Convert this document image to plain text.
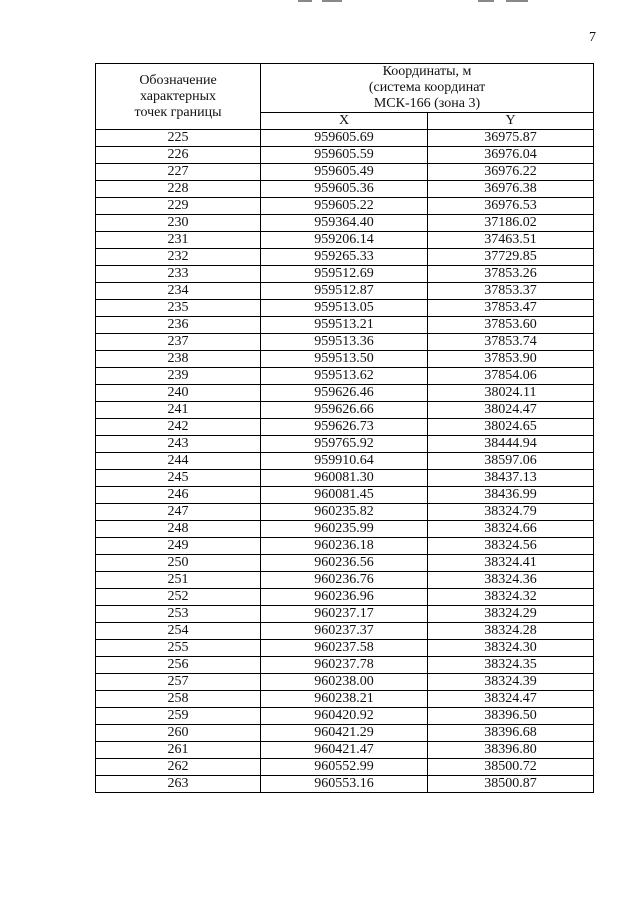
7
Обозначение
характерных
точек границы	Координаты, м
(система координат
МСК-166 (зона 3)	

	X	Y
225	959605.69	36975.87
226	959605.59	36976.04
227	959605.49	36976.22
228	959605.36	36976.38
229	959605.22	36976.53
230	959364.40	37186.02
231	959206.14	37463.51
232	959265.33	37729.85
233	959512.69	37853.26
234	959512.87	37853.37
235	959513.05	37853.47
236	959513.21	37853.60
237	959513.36	37853.74
238	959513.50	37853.90
239	959513.62	37854.06
240	959626.46	38024.11
241	959626.66	38024.47
242	959626.73	38024.65
243	959765.92	38444.94
244	959910.64	38597.06
245	960081.30	38437.13
246	960081.45	38436.99
247	960235.82	38324.79
248	960235.99	38324.66
249	960236.18	38324.56
250	960236.56	38324.41
251	960236.76	38324.36
252	960236.96	38324.32
253	960237.17	38324.29
254	960237.37	38324.28
255	960237.58	38324.30
256	960237.78	38324.35
257	960238.00	38324.39
258	960238.21	38324.47
259	960420.92	38396.50
260	960421.29	38396.68
261	960421.47	38396.80
262	960552.99	38500.72
263	960553.16	38500.87
